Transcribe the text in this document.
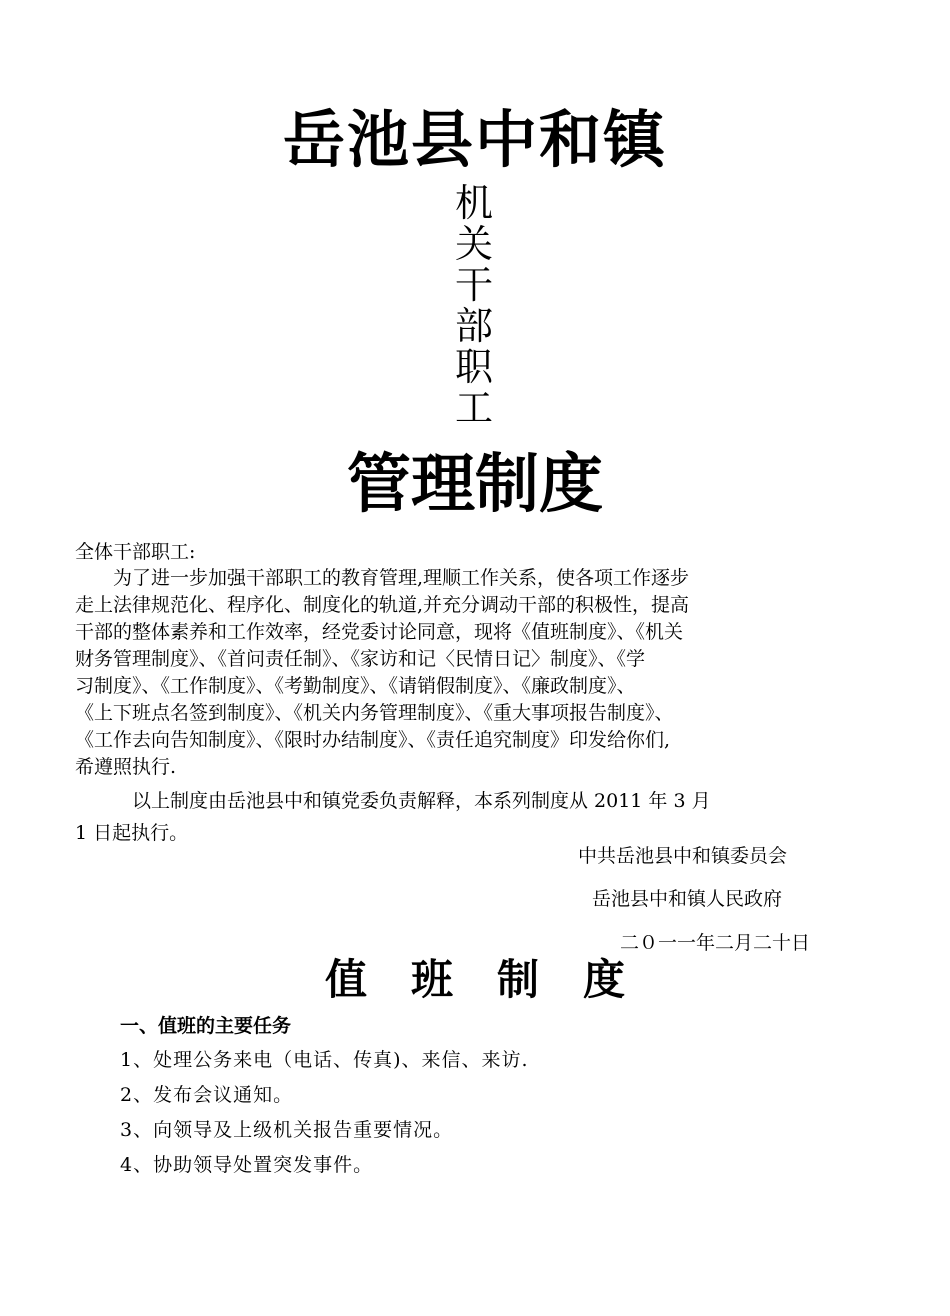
岳池县中和镇
机
关
干
部
职
工
管理制度
全体干部职工:
　　为了进一步加强干部职工的教育管理,理顺工作关系，使各项工作逐步
走上法律规范化、程序化、制度化的轨道,并充分调动干部的积极性，提高
干部的整体素养和工作效率，经党委讨论同意，现将《值班制度》、《机关
财务管理制度》、《首问责任制》、《家访和记〈民情日记〉制度》、《学
习制度》、《工作制度》、《考勤制度》、《请销假制度》、《廉政制度》、
《上下班点名签到制度》、《机关内务管理制度》、《重大事项报告制度》、
《工作去向告知制度》、《限时办结制度》、《责任追究制度》印发给你们,
希遵照执行.
　　　以上制度由岳池县中和镇党委负责解释，本系列制度从 2011 年 3 月
1 日起执行。
中共岳池县中和镇委员会
岳池县中和镇人民政府
二０一一年二月二十日
值 班 制 度
一、值班的主要任务
1、处理公务来电（电话、传真)、来信、来访.
2、发布会议通知。
3、向领导及上级机关报告重要情况。
4、协助领导处置突发事件。
